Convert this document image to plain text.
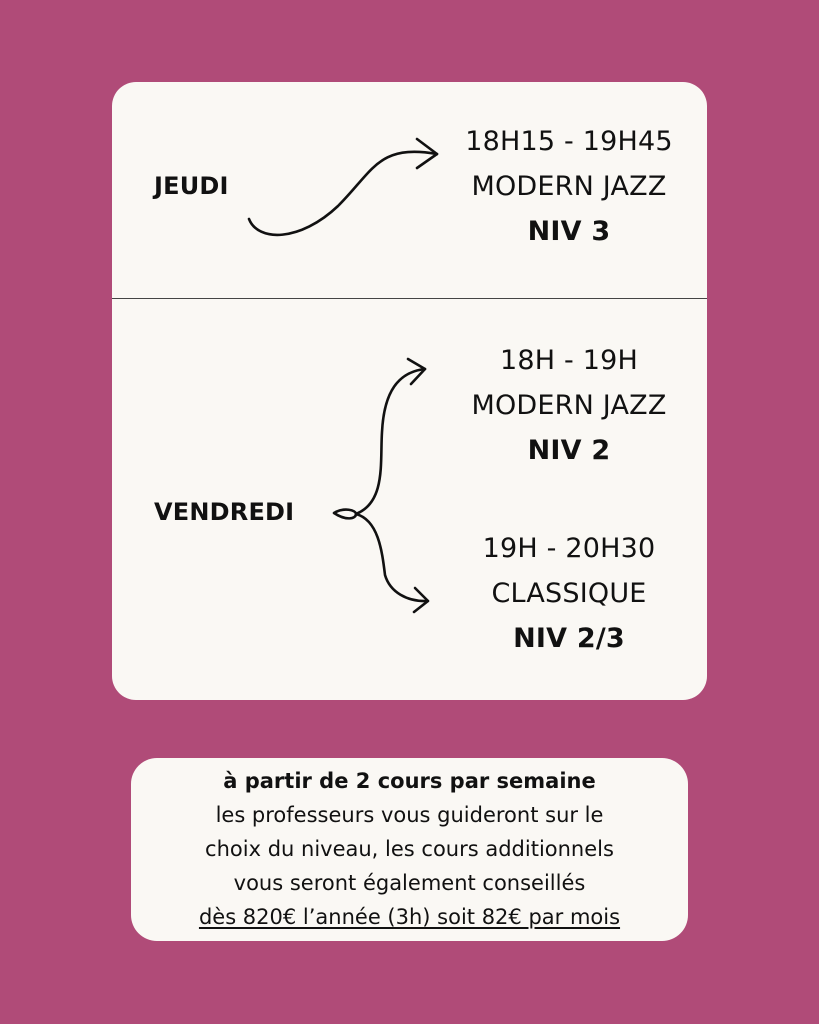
JEUDI
18H15 - 19H45
MODERN JAZZ
NIV 3
VENDREDI
18H - 19H
MODERN JAZZ
NIV 2
19H - 20H30
CLASSIQUE
NIV 2/3
à partir de 2 cours par semaine
les professeurs vous guideront sur le
choix du niveau, les cours additionnels
vous seront également conseillés
dès 820€ l’année (3h) soit 82€ par mois
